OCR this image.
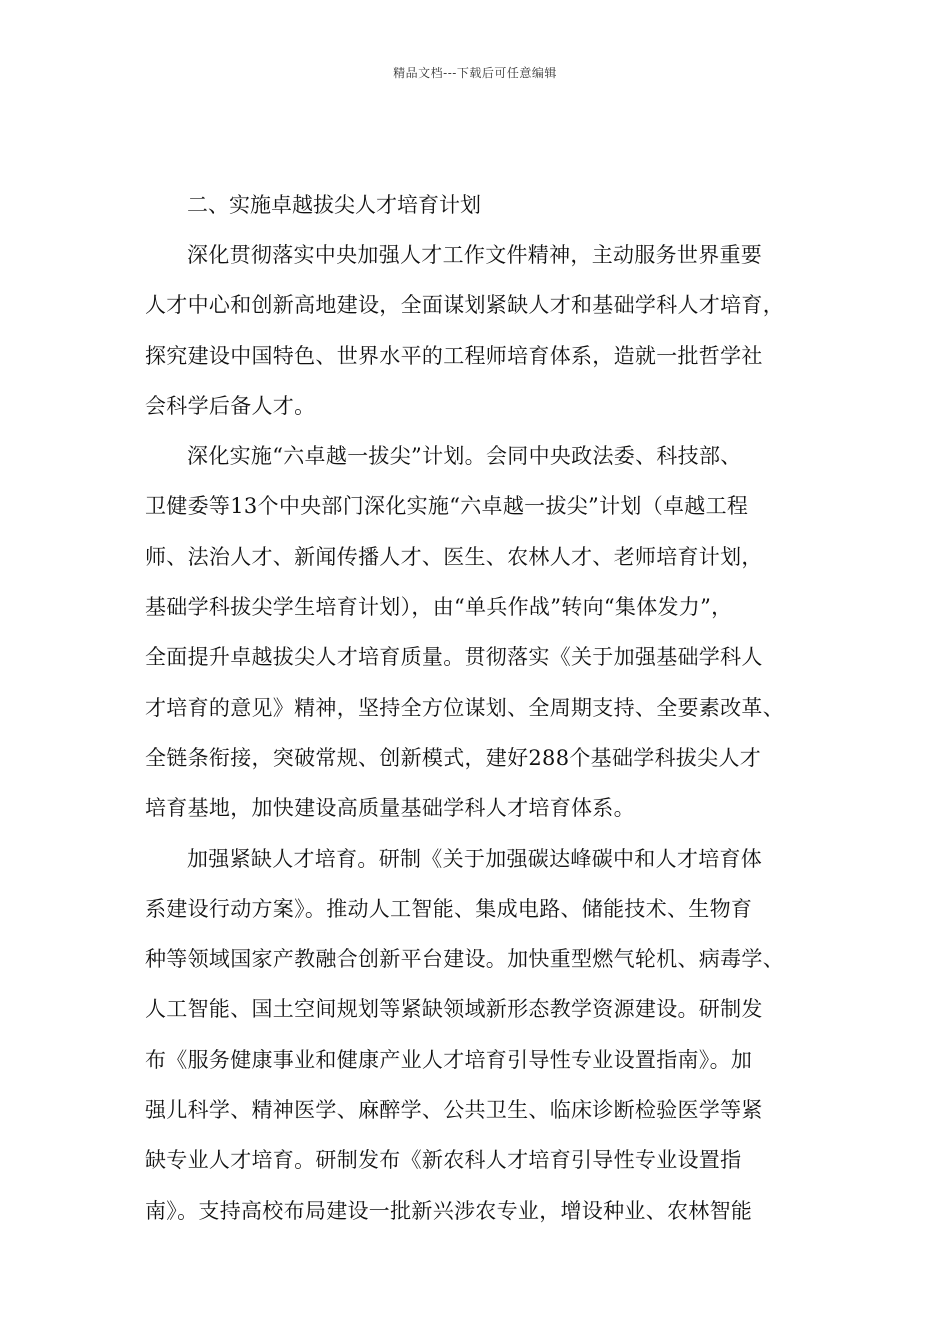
精品文档---下载后可任意编辑
二、实施卓越拔尖人才培育计划
深化贯彻落实中央加强人才工作文件精神，主动服务世界重要
人才中心和创新高地建设，全面谋划紧缺人才和基础学科人才培育，
探究建设中国特色、世界水平的工程师培育体系，造就一批哲学社
会科学后备人才。
深化实施“六卓越一拔尖”计划。会同中央政法委、科技部、
卫健委等13个中央部门深化实施“六卓越一拔尖”计划（卓越工程
师、法治人才、新闻传播人才、医生、农林人才、老师培育计划，
基础学科拔尖学生培育计划），由“单兵作战”转向“集体发力”，
全面提升卓越拔尖人才培育质量。贯彻落实《关于加强基础学科人
才培育的意见》精神，坚持全方位谋划、全周期支持、全要素改革、
全链条衔接，突破常规、创新模式，建好288个基础学科拔尖人才
培育基地，加快建设高质量基础学科人才培育体系。
加强紧缺人才培育。研制《关于加强碳达峰碳中和人才培育体
系建设行动方案》。推动人工智能、集成电路、储能技术、生物育
种等领域国家产教融合创新平台建设。加快重型燃气轮机、病毒学、
人工智能、国土空间规划等紧缺领域新形态教学资源建设。研制发
布《服务健康事业和健康产业人才培育引导性专业设置指南》。加
强儿科学、精神医学、麻醉学、公共卫生、临床诊断检验医学等紧
缺专业人才培育。研制发布《新农科人才培育引导性专业设置指
南》。支持高校布局建设一批新兴涉农专业，增设种业、农林智能
